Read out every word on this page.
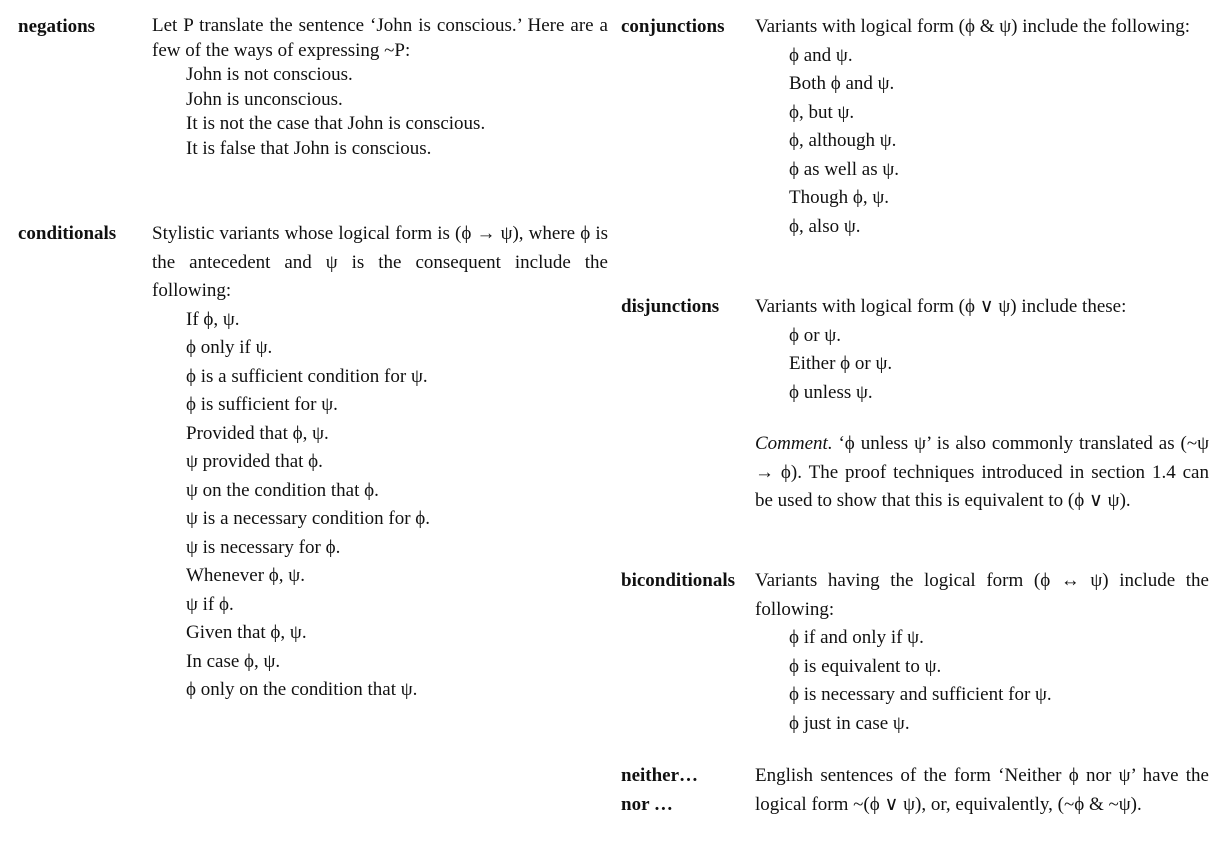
negations	Let P translate the sentence ‘John is conscious.’ Here are a few of the ways of expressing ~P:

John is not conscious.
John is unconscious.
It is not the case that John is conscious.
It is false that John is conscious.
conditionals Stylistic variants whose logical form is (ϕ → ψ), where ϕ is the antecedent and ψ is the consequent include the following:

If ϕ, ψ.
ϕ only if ψ.
ϕ is a sufficient condition for ψ.
ϕ is sufficient for ψ.
Provided that ϕ, ψ.
ψ provided that ϕ.
ψ on the condition that ϕ.
ψ is a necessary condition for ϕ.
ψ is necessary for ϕ.
Whenever ϕ, ψ.
ψ if ϕ.
Given that ϕ, ψ.
In case ϕ, ψ.
ϕ only on the condition that ψ.
conjunctions Variants with logical form (ϕ & ψ) include the following:

ϕ and ψ.
Both ϕ and ψ.
ϕ, but ψ.
ϕ, although ψ.
ϕ as well as ψ.
Though ϕ, ψ.
ϕ, also ψ.
disjunctions Variants with logical form (ϕ ∨ ψ) include these:

ϕ or ψ.
Either ϕ or ψ.
ϕ unless ψ.

Comment. ‘ϕ unless ψ’ is also commonly translated as (~ψ → ϕ). The proof techniques introduced in section 1.4 can be used to show that this is equivalent to (ϕ ∨ ψ).

biconditionals Variants having the logical form (ϕ ↔ ψ) include the following:

ϕ if and only if ψ.
ϕ is equivalent to ψ.
ϕ is necessary and sufficient for ψ.
ϕ just in case ψ.
neither…
nor …

English sentences of the form ‘Neither ϕ nor ψ’ have the logical form ~(ϕ ∨ ψ), or, equivalently, (~ϕ & ~ψ).
